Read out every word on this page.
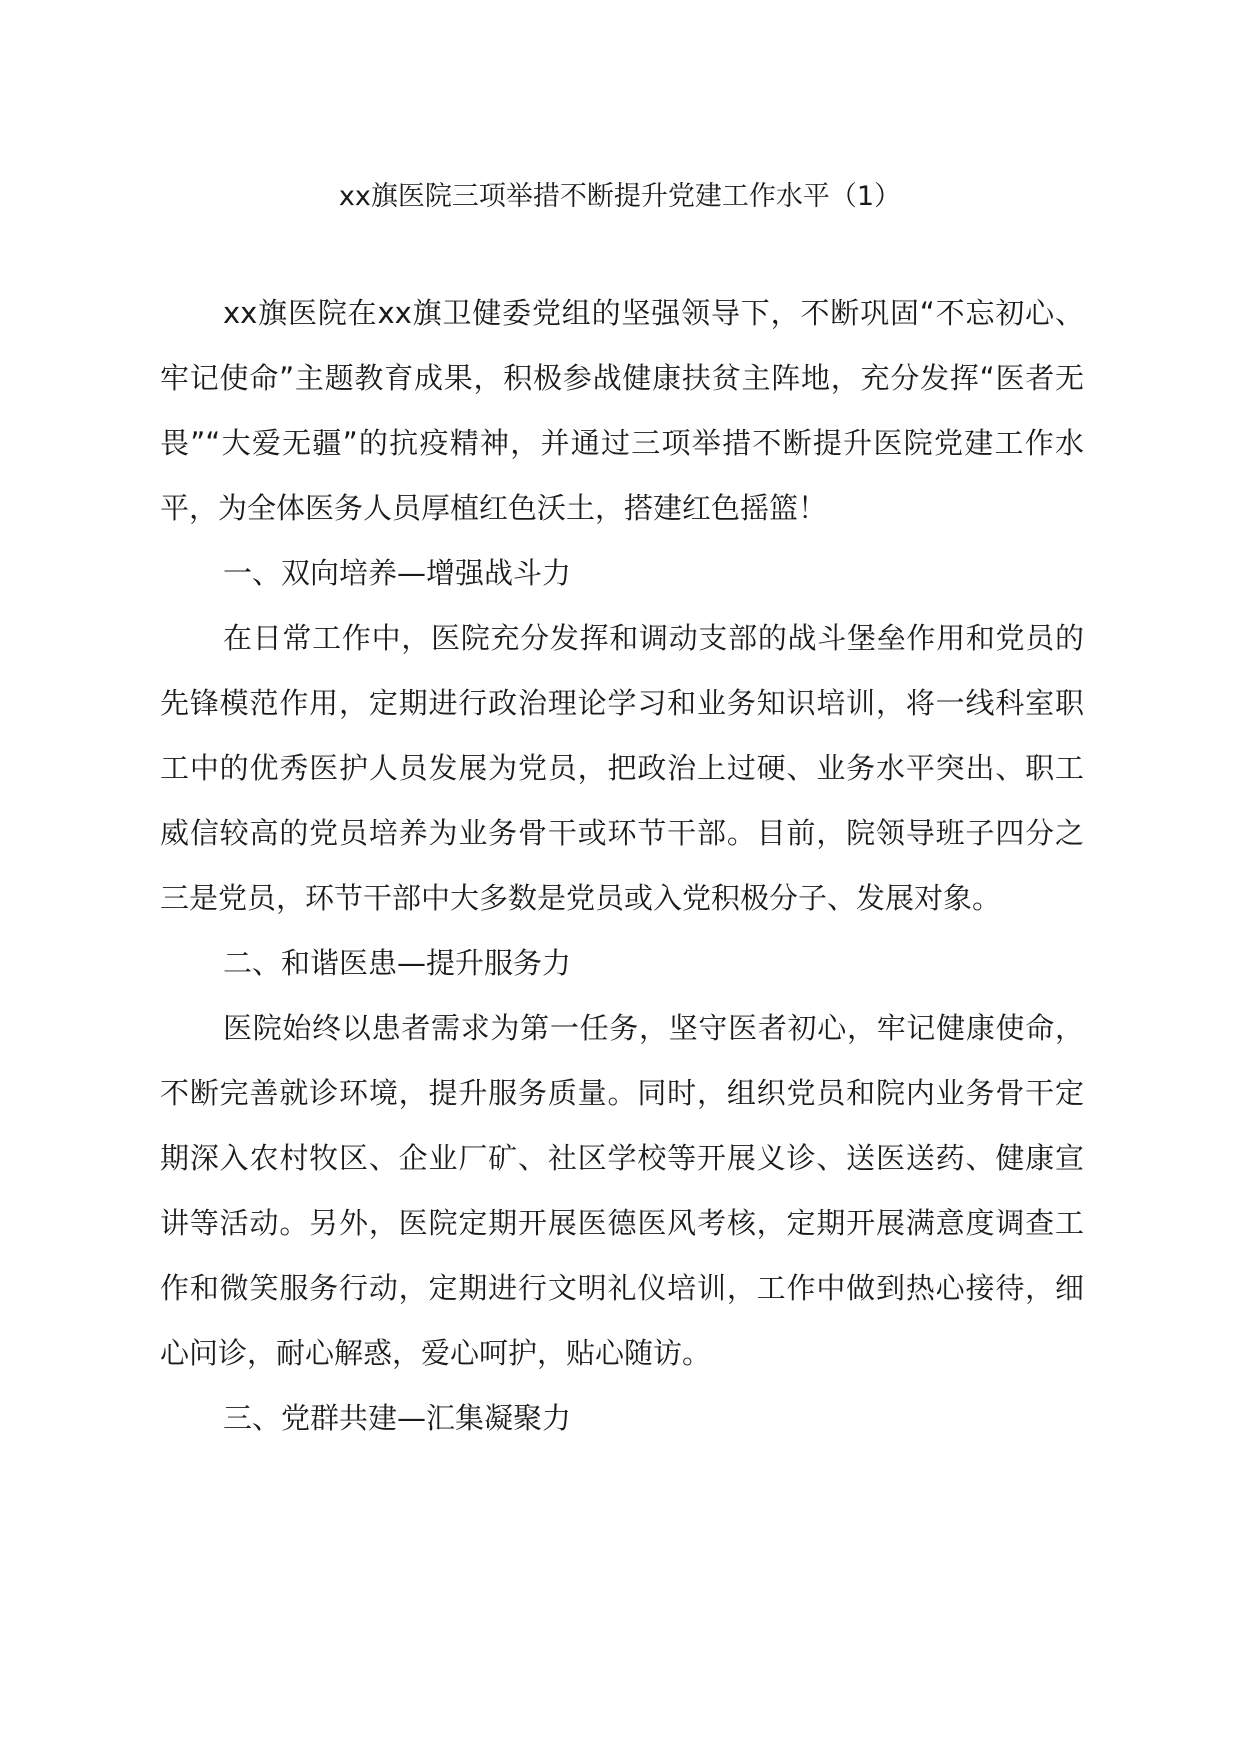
xx旗医院三项举措不断提升党建工作水平（1）

xx旗医院在xx旗卫健委党组的坚强领导下，不断巩固“不忘初心、牢记使命”主题教育成果，积极参战健康扶贫主阵地，充分发挥“医者无畏”“大爱无疆”的抗疫精神，并通过三项举措不断提升医院党建工作水平，为全体医务人员厚植红色沃土，搭建红色摇篮！

一、双向培养—增强战斗力

在日常工作中，医院充分发挥和调动支部的战斗堡垒作用和党员的先锋模范作用，定期进行政治理论学习和业务知识培训，将一线科室职工中的优秀医护人员发展为党员，把政治上过硬、业务水平突出、职工威信较高的党员培养为业务骨干或环节干部。目前，院领导班子四分之三是党员，环节干部中大多数是党员或入党积极分子、发展对象。

二、和谐医患—提升服务力

医院始终以患者需求为第一任务，坚守医者初心，牢记健康使命，不断完善就诊环境，提升服务质量。同时，组织党员和院内业务骨干定期深入农村牧区、企业厂矿、社区学校等开展义诊、送医送药、健康宣讲等活动。另外，医院定期开展医德医风考核，定期开展满意度调查工作和微笑服务行动，定期进行文明礼仪培训，工作中做到热心接待，细心问诊，耐心解惑，爱心呵护，贴心随访。

三、党群共建—汇集凝聚力
